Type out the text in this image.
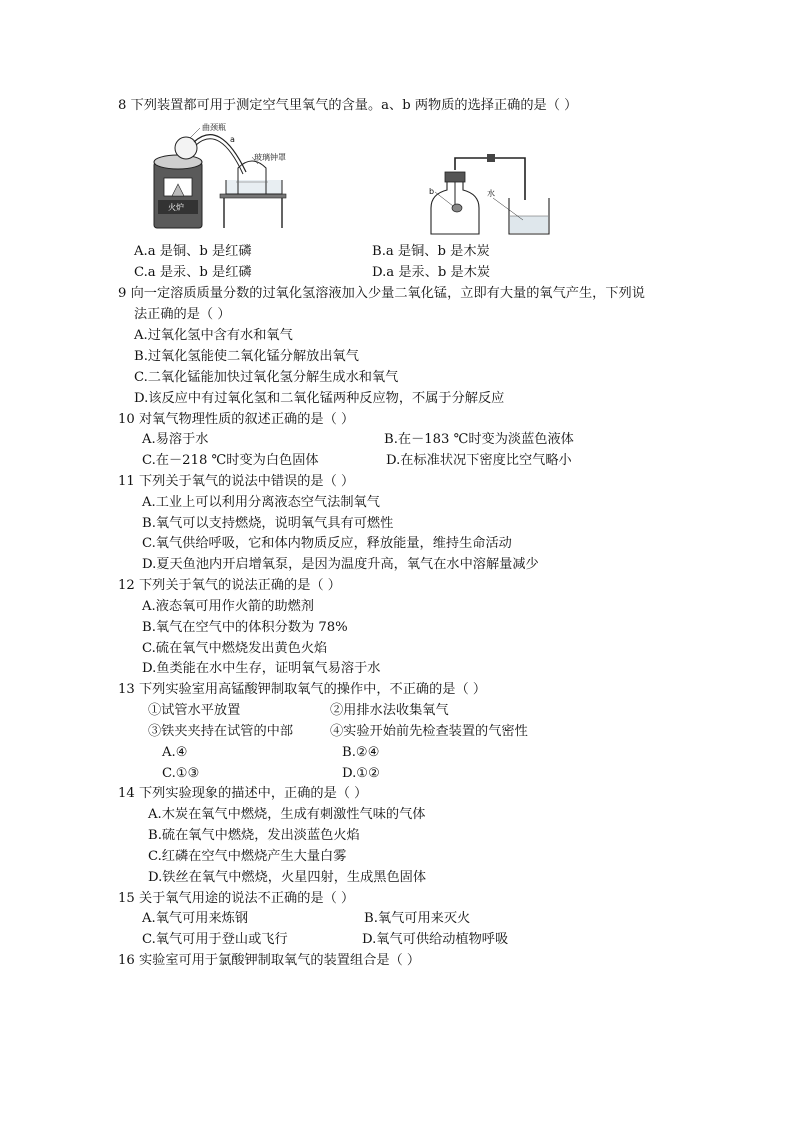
8 下列装置都可用于测定空气里氧气的含量。a、b 两物质的选择正确的是（ ）
火炉
曲颈瓶
a
玻璃钟罩
b	水
A.a 是铜、b 是红磷	B.a 是铜、b 是木炭
C.a 是汞、b 是红磷	D.a 是汞、b 是木炭
9 向一定溶质质量分数的过氧化氢溶液加入少量二氧化锰，立即有大量的氧气产生，下列说
法正确的是（ ）
A.过氧化氢中含有水和氧气
B.过氧化氢能使二氧化锰分解放出氧气
C.二氧化锰能加快过氧化氢分解生成水和氧气
D.该反应中有过氧化氢和二氧化锰两种反应物，不属于分解反应
10 对氧气物理性质的叙述正确的是（ ）
A.易溶于水	B.在－183 ℃时变为淡蓝色液体
C.在－218 ℃时变为白色固体	D.在标准状况下密度比空气略小
11 下列关于氧气的说法中错误的是（ ）
A.工业上可以利用分离液态空气法制氧气
B.氧气可以支持燃烧，说明氧气具有可燃性
C.氧气供给呼吸，它和体内物质反应，释放能量，维持生命活动
D.夏天鱼池内开启增氧泵，是因为温度升高，氧气在水中溶解量减少
12 下列关于氧气的说法正确的是（ ）
A.液态氧可用作火箭的助燃剂
B.氧气在空气中的体积分数为 78%
C.硫在氧气中燃烧发出黄色火焰
D.鱼类能在水中生存，证明氧气易溶于水
13 下列实验室用高锰酸钾制取氧气的操作中，不正确的是（ ）
①试管水平放置	②用排水法收集氧气
③铁夹夹持在试管的中部	④实验开始前先检查装置的气密性
A.④	B.②④
C.①③	D.①②
14 下列实验现象的描述中，正确的是（ ）
A.木炭在氧气中燃烧，生成有刺激性气味的气体
B.硫在氧气中燃烧，发出淡蓝色火焰
C.红磷在空气中燃烧产生大量白雾
D.铁丝在氧气中燃烧，火星四射，生成黑色固体
15 关于氧气用途的说法不正确的是（ ）
A.氧气可用来炼钢	B.氧气可用来灭火
C.氧气可用于登山或飞行	D.氧气可供给动植物呼吸
16 实验室可用于氯酸钾制取氧气的装置组合是（ ）
